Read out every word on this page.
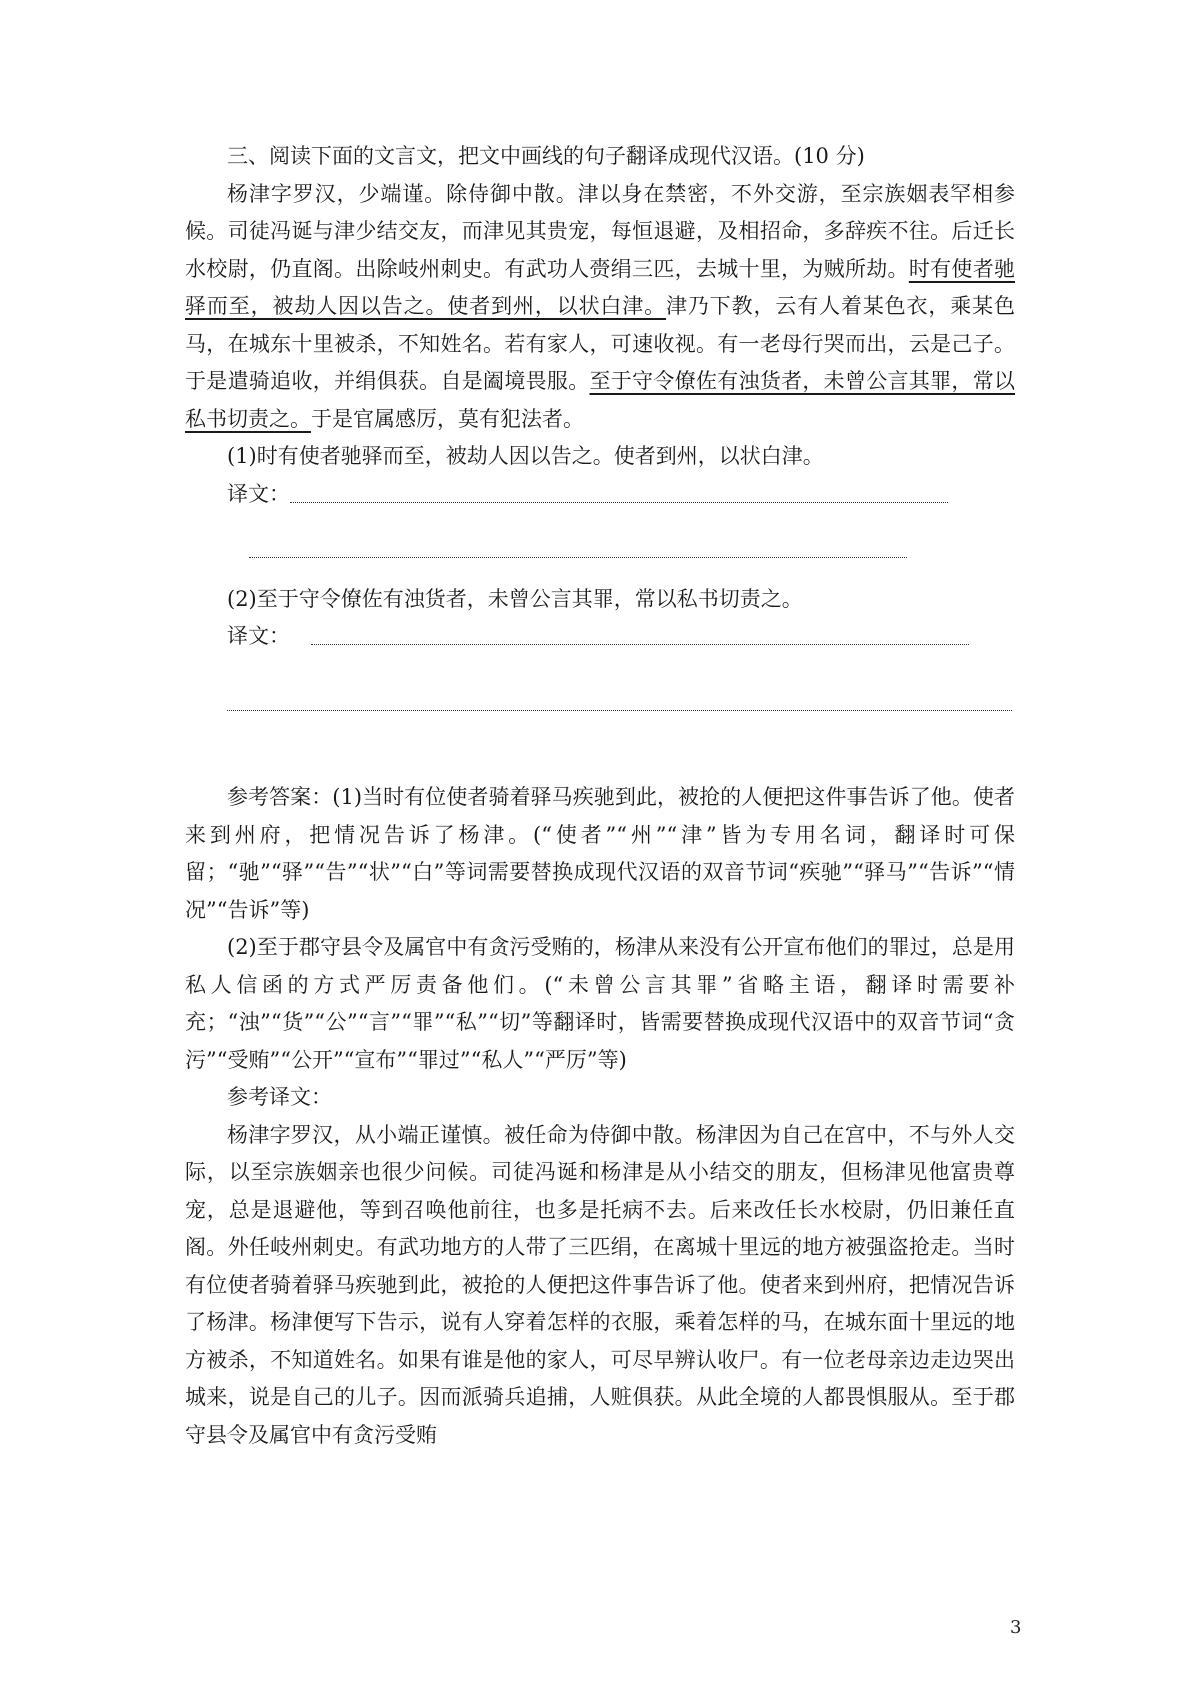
三、阅读下面的文言文，把文中画线的句子翻译成现代汉语。(10 分)

杨津字罗汉，少端谨。除侍御中散。津以身在禁密，不外交游，至宗族姻表罕相参候。司徒冯诞与津少结交友，而津见其贵宠，每恒退避，及相招命，多辞疾不往。后迁长水校尉，仍直阁。出除岐州刺史。有武功人赍绢三匹，去城十里，为贼所劫。时有使者驰驿而至，被劫人因以告之。使者到州，以状白津。津乃下教，云有人着某色衣，乘某色马，在城东十里被杀，不知姓名。若有家人，可速收视。有一老母行哭而出，云是己子。于是遣骑追收，并绢俱获。自是阖境畏服。至于守令僚佐有浊货者，未曾公言其罪，常以私书切责之。于是官属感厉，莫有犯法者。

(1)时有使者驰驿而至，被劫人因以告之。使者到州，以状白津。

译文：

(2)至于守令僚佐有浊货者，未曾公言其罪，常以私书切责之。

译文：

参考答案：(1)当时有位使者骑着驿马疾驰到此，被抢的人便把这件事告诉了他。使者来到州府，把情况告诉了杨津。(“使者”“州”“津”皆为专用名词，翻译时可保留；“驰”“驿”“告”“状”“白”等词需要替换成现代汉语的双音节词“疾驰”“驿马”“告诉”“情况”“告诉”等)

(2)至于郡守县令及属官中有贪污受贿的，杨津从来没有公开宣布他们的罪过，总是用私人信函的方式严厉责备他们。(“未曾公言其罪”省略主语，翻译时需要补充；“浊”“货”“公”“言”“罪”“私”“切”等翻译时，皆需要替换成现代汉语中的双音节词“贪污”“受贿”“公开”“宣布”“罪过”“私人”“严厉”等)

参考译文：

杨津字罗汉，从小端正谨慎。被任命为侍御中散。杨津因为自己在宫中，不与外人交际，以至宗族姻亲也很少问候。司徒冯诞和杨津是从小结交的朋友，但杨津见他富贵尊宠，总是退避他，等到召唤他前往，也多是托病不去。后来改任长水校尉，仍旧兼任直阁。外任岐州刺史。有武功地方的人带了三匹绢，在离城十里远的地方被强盗抢走。当时有位使者骑着驿马疾驰到此，被抢的人便把这件事告诉了他。使者来到州府，把情况告诉了杨津。杨津便写下告示，说有人穿着怎样的衣服，乘着怎样的马，在城东面十里远的地方被杀，不知道姓名。如果有谁是他的家人，可尽早辨认收尸。有一位老母亲边走边哭出城来，说是自己的儿子。因而派骑兵追捕，人赃俱获。从此全境的人都畏惧服从。至于郡守县令及属官中有贪污受贿

3
